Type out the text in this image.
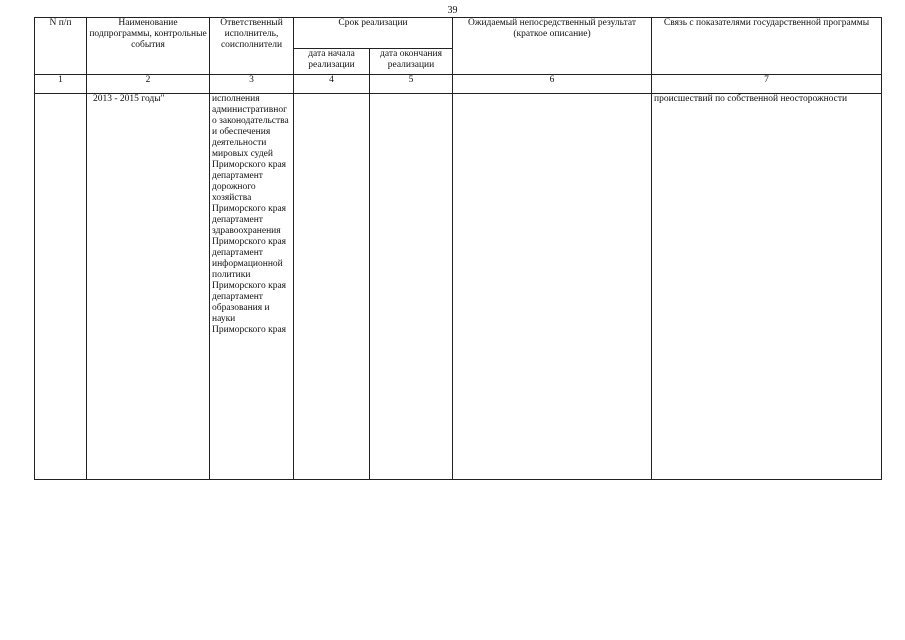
39
N п/п	Наименование подпрограммы, контрольные события	Ответственный исполнитель, соисполнители	Срок реализации		Ожидаемый непосредственный результат (краткое описание)	Связь с показателями государственной программы
			дата начала реализации	дата окончания реализации		
1	2	3	4	5	6	7
	2013 - 2015 годы"	исполнения административного законодательства и обеспечения деятельности мировых судей Приморского края департамент дорожного хозяйства Приморского края департамент здравоохранения Приморского края департамент информационной политики Приморского края департамент образования и науки Приморского края				происшествий по собственной неосторожности
